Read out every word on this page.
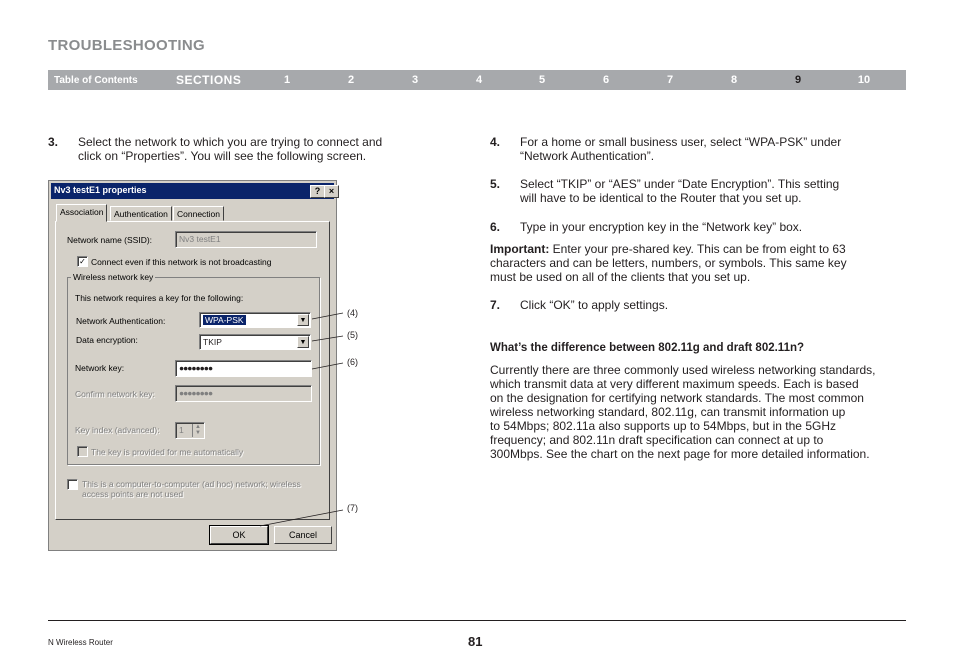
TROUBLESHOOTING
Table of Contents	SECTIONS	1	2	3	4	5	6	7	8	9	10
3. Select the network to which you are trying to connect and
click on “Properties”. You will see the following screen.
Nv3 testE1 properties	? ×
Association	Authentication	Connection
Network name (SSID):	Nv3 testE1
✓ Connect even if this network is not broadcasting
Wireless network key
This network requires a key for the following:
Network Authentication:	WPA-PSK	▼
Data encryption:	TKIP	▼
Network key:	●●●●●●●●
Confirm network key:	●●●●●●●●
Key index (advanced):	1	▲
▼
The key is provided for me automatically
This is a computer-to-computer (ad hoc) network; wireless
access points are not used
OK	Cancel
(4)
(5)
(6)
(7)
4. For a home or small business user, select “WPA-PSK” under
“Network Authentication”.
5. Select “TKIP” or “AES” under “Date Encryption”. This setting
will have to be identical to the Router that you set up.
6. Type in your encryption key in the “Network key” box.
Important: Enter your pre-shared key. This can be from eight to 63
characters and can be letters, numbers, or symbols. This same key
must be used on all of the clients that you set up.
7. Click “OK” to apply settings.
What’s the difference between 802.11g and draft 802.11n?
Currently there are three commonly used wireless networking standards,
which transmit data at very different maximum speeds. Each is based
on the designation for certifying network standards. The most common
wireless networking standard, 802.11g, can transmit information up
to 54Mbps; 802.11a also supports up to 54Mbps, but in the 5GHz
frequency; and 802.11n draft specification can connect at up to
300Mbps. See the chart on the next page for more detailed information.
N Wireless Router	81
